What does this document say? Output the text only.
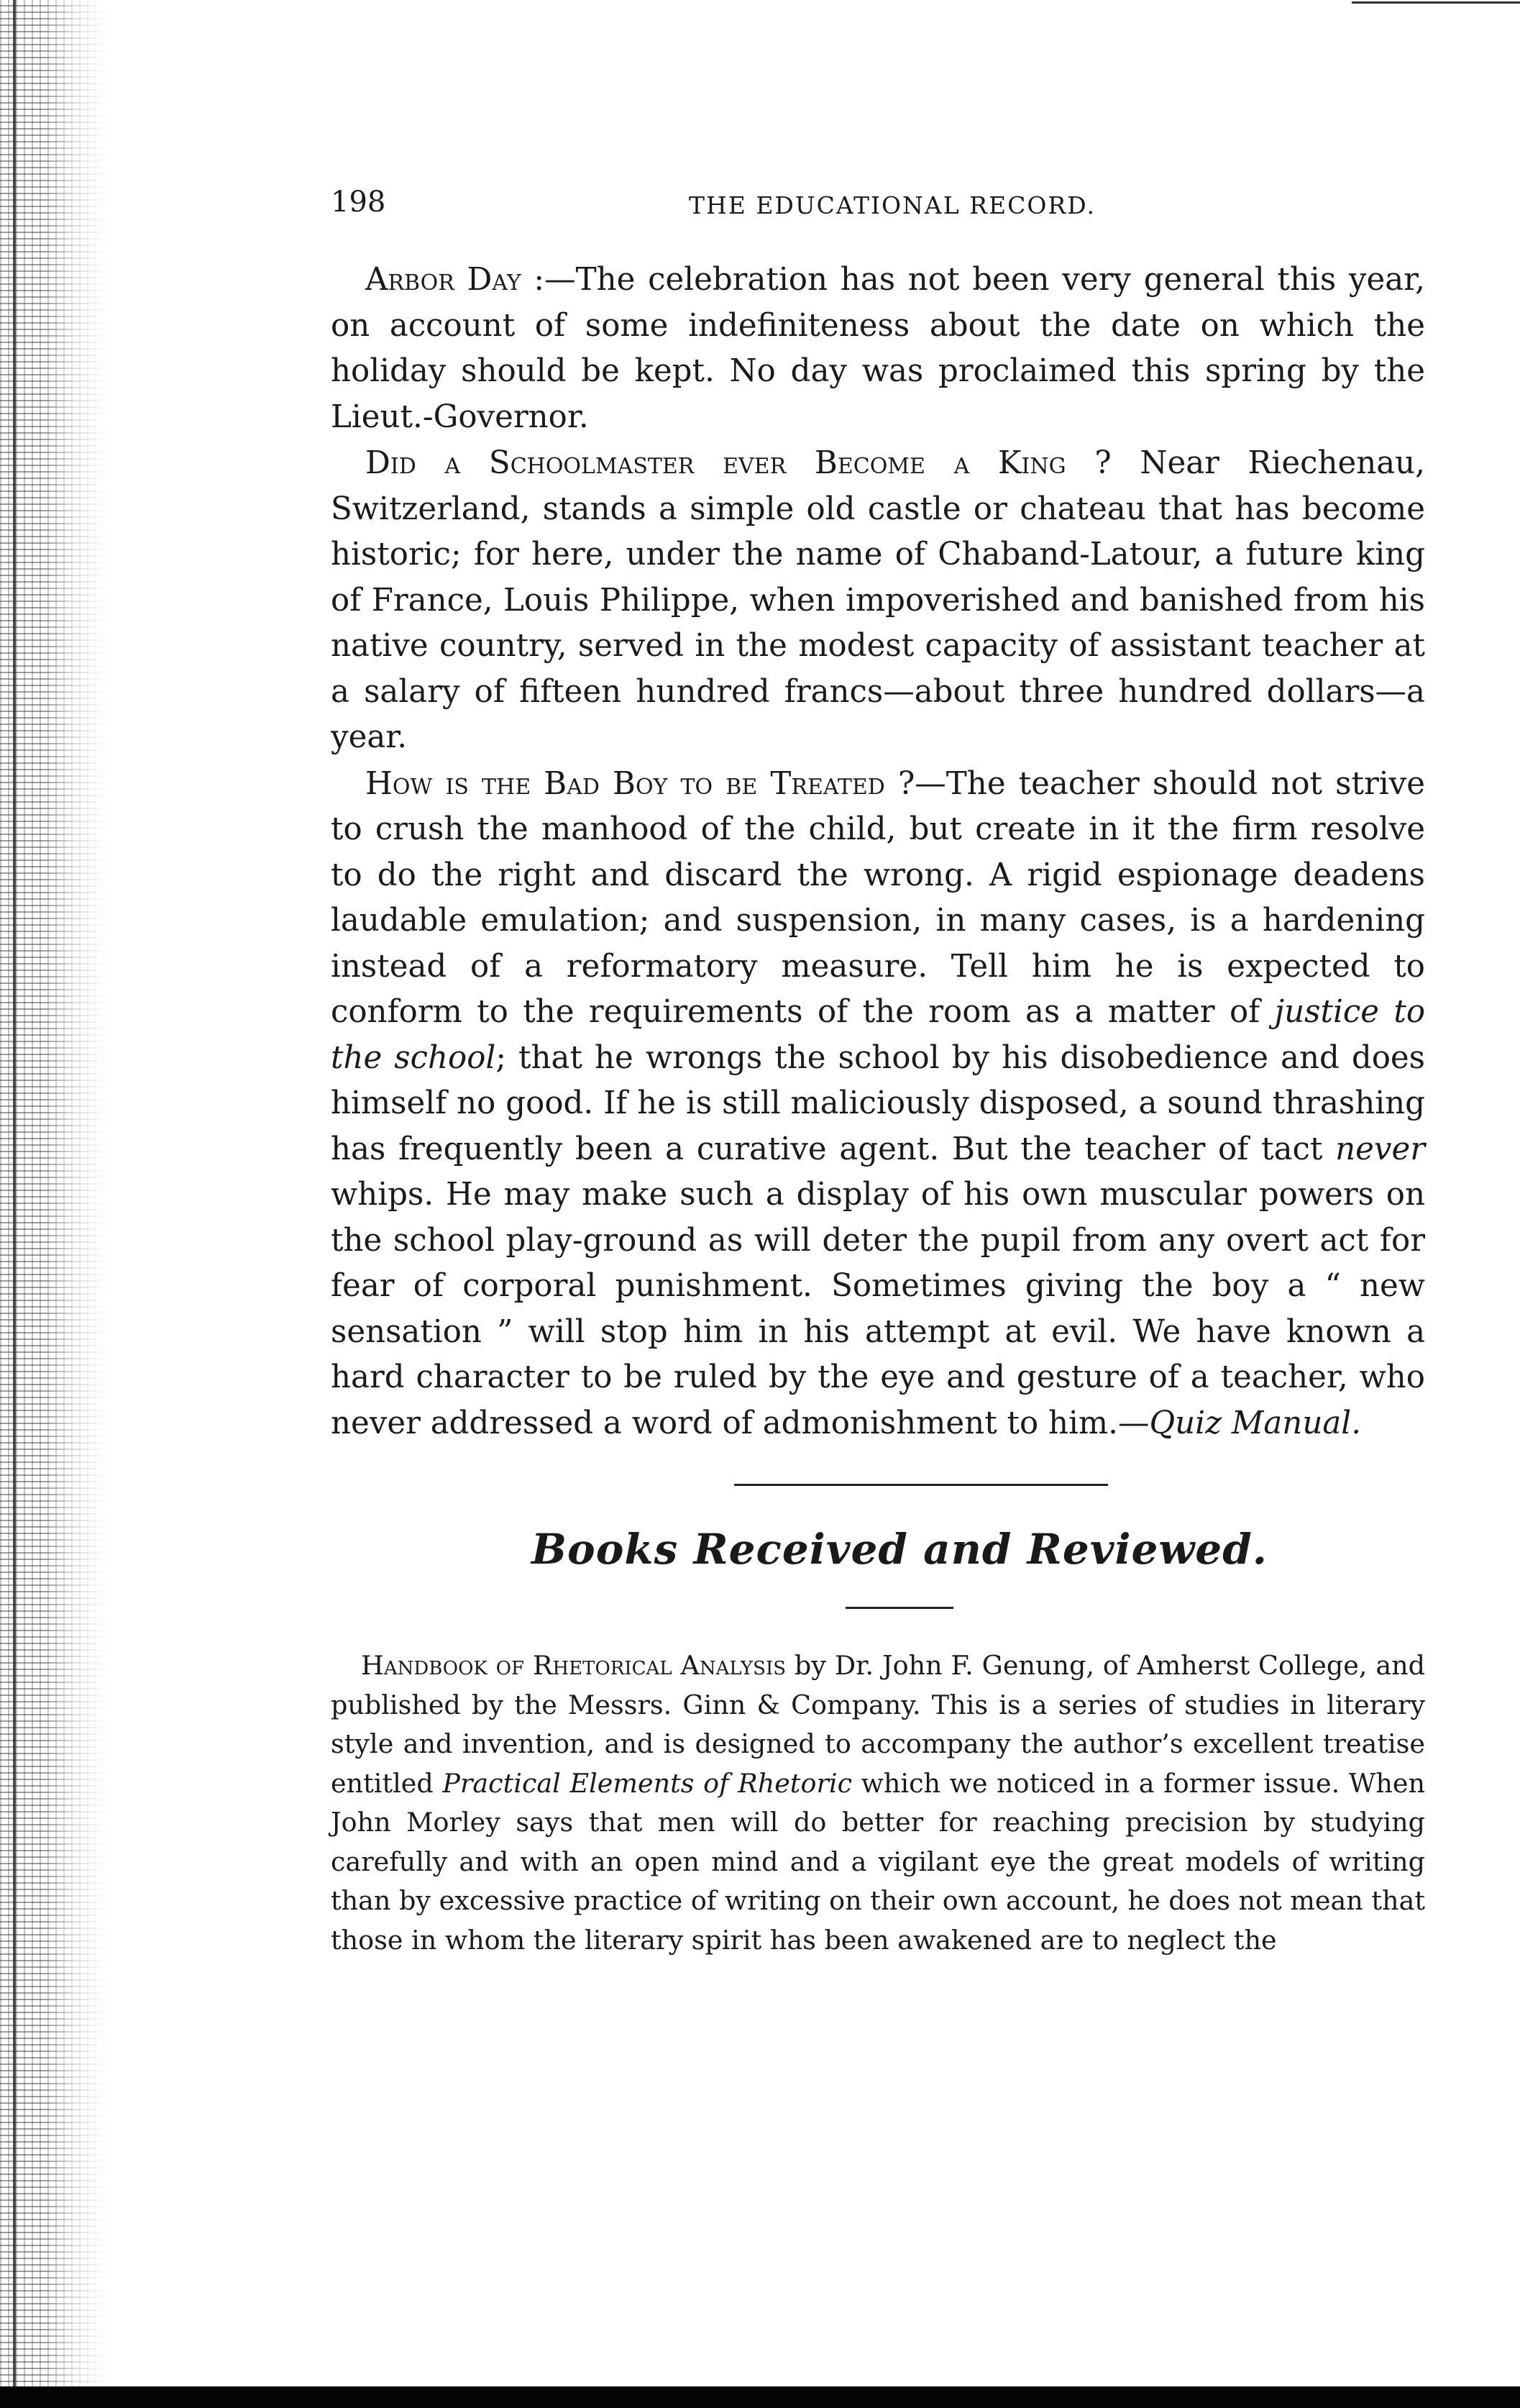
198	THE EDUCATIONAL RECORD.

Arbor Day :—The celebration has not been very general this year, on account of some indefiniteness about the date on which the holiday should be kept. No day was proclaimed this spring by the Lieut.-Governor.

Did a Schoolmaster ever Become a King ? Near Riechenau, Switzerland, stands a simple old castle or chateau that has become historic; for here, under the name of Chaband-Latour, a future king of France, Louis Philippe, when impoverished and banished from his native country, served in the modest capacity of assistant teacher at a salary of fifteen hundred francs—about three hundred dollars—a year.

How is the Bad Boy to be Treated ?—The teacher should not strive to crush the manhood of the child, but create in it the firm resolve to do the right and discard the wrong. A rigid espionage deadens laudable emulation; and suspension, in many cases, is a hardening instead of a reformatory measure. Tell him he is expected to conform to the requirements of the room as a matter of justice to the school; that he wrongs the school by his disobedience and does himself no good. If he is still maliciously disposed, a sound thrashing has frequently been a curative agent. But the teacher of tact never whips. He may make such a display of his own muscular powers on the school play-ground as will deter the pupil from any overt act for fear of corporal punishment. Sometimes giving the boy a “ new sensation ” will stop him in his attempt at evil. We have known a hard character to be ruled by the eye and gesture of a teacher, who never addressed a word of admonishment to him.—Quiz Manual.

Books Received and Reviewed.

Handbook of Rhetorical Analysis by Dr. John F. Genung, of Amherst College, and published by the Messrs. Ginn & Company. This is a series of studies in literary style and invention, and is designed to accompany the author’s excellent treatise entitled Practical Elements of Rhetoric which we noticed in a former issue. When John Morley says that men will do better for reaching precision by studying carefully and with an open mind and a vigilant eye the great models of writing than by excessive practice of writing on their own account, he does not mean that those in whom the literary spirit has been awakened are to neglect the
